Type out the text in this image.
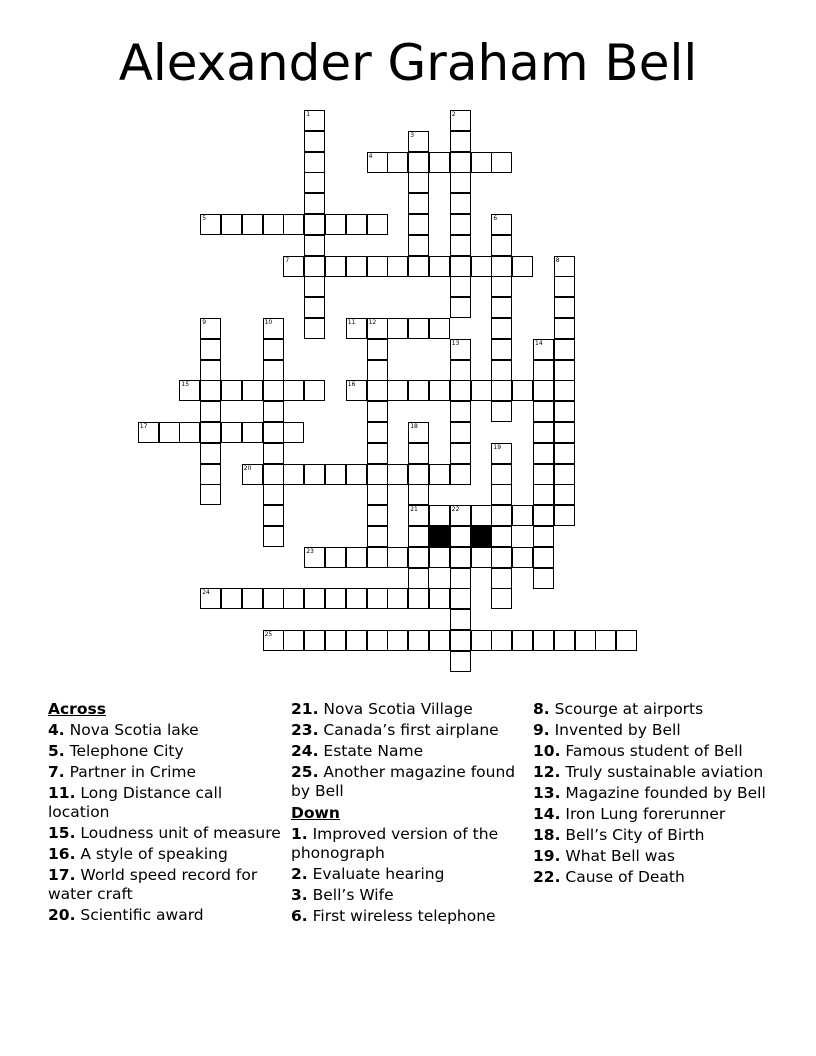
Alexander Graham Bell
1	2
3
4
5	6
7	8
9	10	11 12
13	14
15	16
17	18
21
19
20
22
23
24
25
Across
4. Nova Scotia lake
5. Telephone City
7. Partner in Crime
11. Long Distance call location
15. Loudness unit of measure
16. A style of speaking
17. World speed record for water craft
20. Scientific award
21. Nova Scotia Village
23. Canada’s first airplane
24. Estate Name
25. Another magazine found by Bell
Down
1. Improved version of the phonograph
2. Evaluate hearing
3. Bell’s Wife
6. First wireless telephone
8. Scourge at airports
9. Invented by Bell
10. Famous student of Bell
12. Truly sustainable aviation
13. Magazine founded by Bell
14. Iron Lung forerunner
18. Bell’s City of Birth
19. What Bell was
22. Cause of Death
